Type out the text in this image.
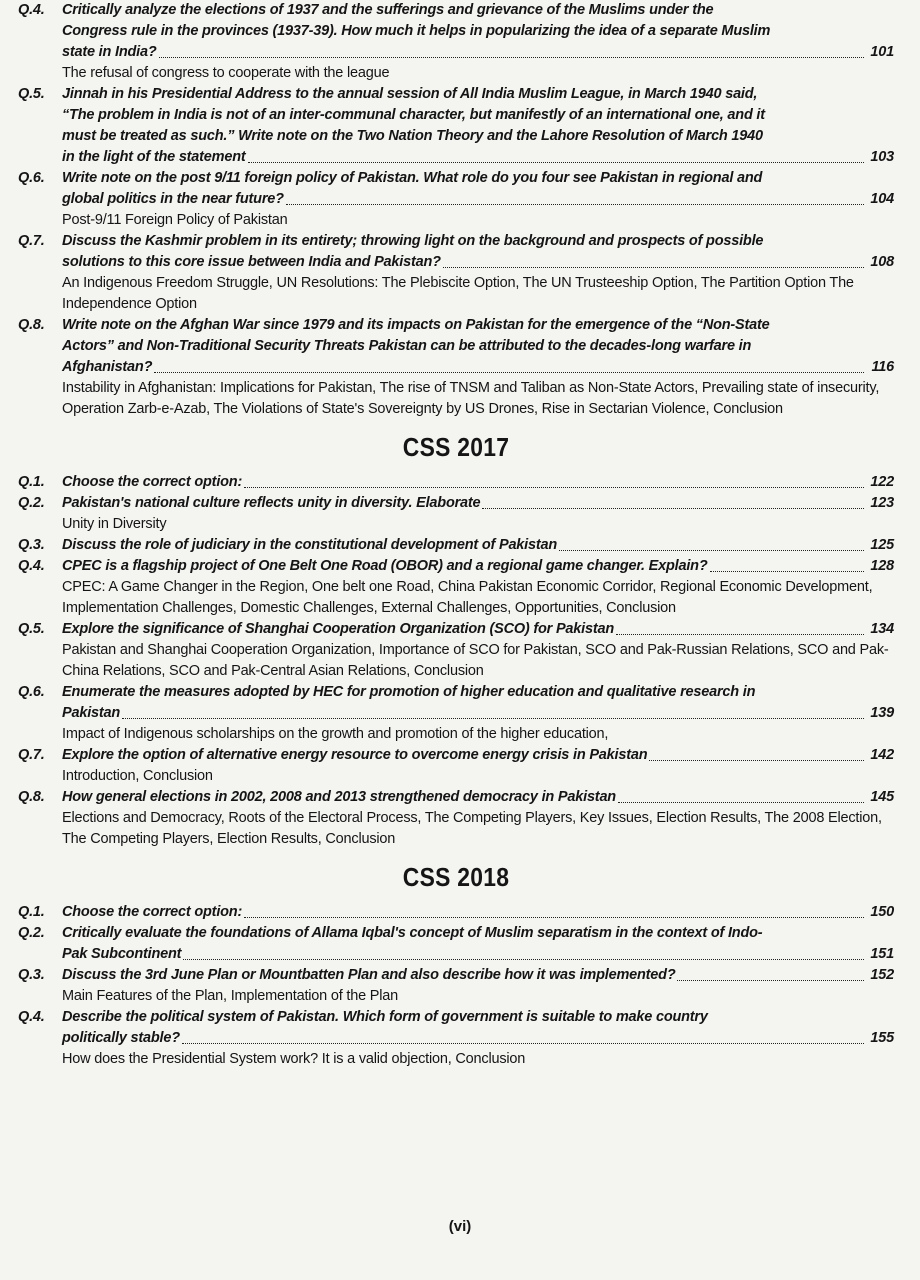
Q.4.	Critically analyze the elections of 1937 and the sufferings and grievance of the Muslims under the
Congress rule in the provinces (1937-39). How much it helps in popularizing the idea of a separate Muslim
state in India?	101
The refusal of congress to cooperate with the league
Q.5.	Jinnah in his Presidential Address to the annual session of All India Muslim League, in March 1940 said,
“The problem in India is not of an inter-communal character, but manifestly of an international one, and it
must be treated as such.” Write note on the Two Nation Theory and the Lahore Resolution of March 1940
in the light of the statement	103
Q.6.	Write note on the post 9/11 foreign policy of Pakistan. What role do you four see Pakistan in regional and
global politics in the near future?	104
Post-9/11 Foreign Policy of Pakistan
Q.7.	Discuss the Kashmir problem in its entirety; throwing light on the background and prospects of possible
solutions to this core issue between India and Pakistan?	108
An Indigenous Freedom Struggle, UN Resolutions: The Plebiscite Option, The UN Trusteeship Option, The Partition Option The Independence Option
Q.8.	Write note on the Afghan War since 1979 and its impacts on Pakistan for the emergence of the “Non-State
Actors” and Non-Traditional Security Threats Pakistan can be attributed to the decades-long warfare in
Afghanistan?	116
Instability in Afghanistan: Implications for Pakistan, The rise of TNSM and Taliban as Non-State Actors, Prevailing state of insecurity, Operation Zarb-e-Azab, The Violations of State's Sovereignty by US Drones, Rise in Sectarian Violence, Conclusion
CSS 2017
Q.1.	Choose the correct option:	122
Q.2.	Pakistan's national culture reflects unity in diversity. Elaborate	123
Unity in Diversity
Q.3.	Discuss the role of judiciary in the constitutional development of Pakistan	125
Q.4.	CPEC is a flagship project of One Belt One Road (OBOR) and a regional game changer. Explain?	128
CPEC: A Game Changer in the Region, One belt one Road, China Pakistan Economic Corridor, Regional Economic Development, Implementation Challenges, Domestic Challenges, External Challenges, Opportunities, Conclusion
Q.5.	Explore the significance of Shanghai Cooperation Organization (SCO) for Pakistan	134
Pakistan and Shanghai Cooperation Organization, Importance of SCO for Pakistan, SCO and Pak-Russian Relations, SCO and Pak-China Relations, SCO and Pak-Central Asian Relations, Conclusion
Q.6.	Enumerate the measures adopted by HEC for promotion of higher education and qualitative research in
Pakistan	139
Impact of Indigenous scholarships on the growth and promotion of the higher education,
Q.7.	Explore the option of alternative energy resource to overcome energy crisis in Pakistan	142
Introduction, Conclusion
Q.8.	How general elections in 2002, 2008 and 2013 strengthened democracy in Pakistan	145
Elections and Democracy, Roots of the Electoral Process, The Competing Players, Key Issues, Election Results, The 2008 Election, The Competing Players, Election Results, Conclusion
CSS 2018
Q.1.	Choose the correct option:	150
Q.2.	Critically evaluate the foundations of Allama Iqbal's concept of Muslim separatism in the context of Indo-
Pak Subcontinent	151
Q.3.	Discuss the 3rd June Plan or Mountbatten Plan and also describe how it was implemented?	152
Main Features of the Plan, Implementation of the Plan
Q.4.	Describe the political system of Pakistan. Which form of government is suitable to make country
politically stable?	155
How does the Presidential System work? It is a valid objection, Conclusion
(vi)
